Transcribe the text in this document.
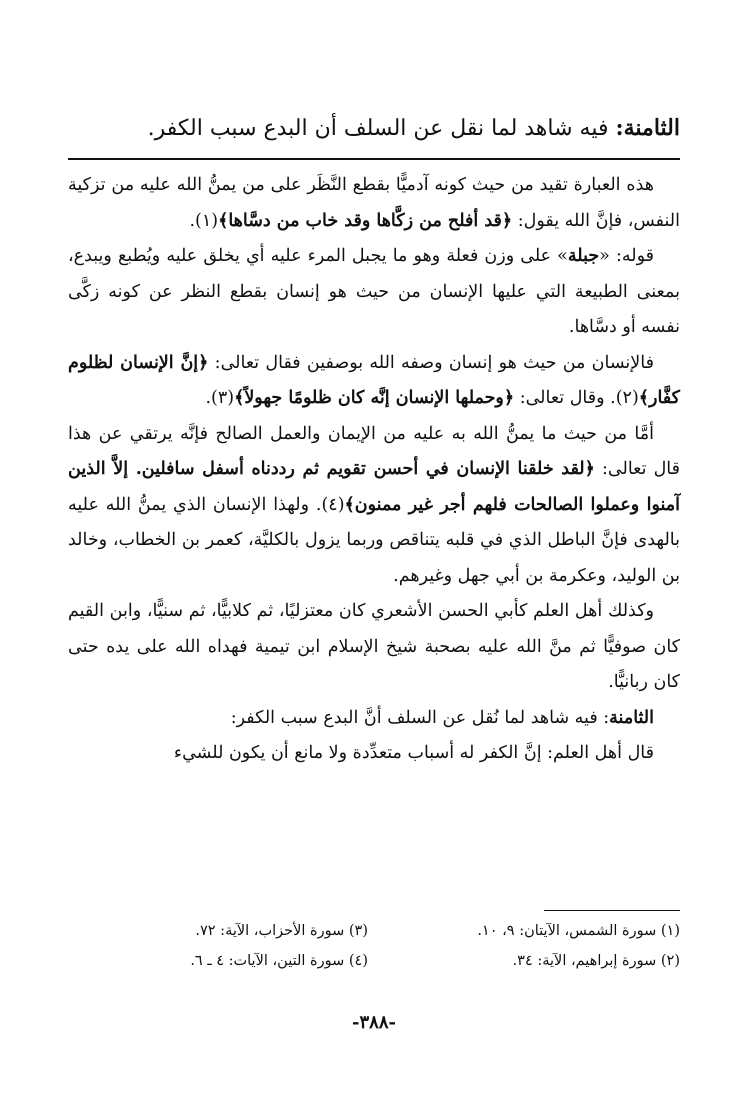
الثامنة: فيه شاهد لما نقل عن السلف أن البدع سبب الكفر.

هذه العبارة تقيد من حيث كونه آدميًّا بقطع النَّظَر على من يمنُّ الله عليه من تزكية النفس، فإنَّ الله يقول: ﴿قد أفلح من زكَّاها وقد خاب من دسَّاها﴾(١).

قوله: «جبلة» على وزن فعلة وهو ما يجبل المرء عليه أي يخلق عليه ويُطبع ويبدع، بمعنى الطبيعة التي عليها الإنسان من حيث هو إنسان بقطع النظر عن كونه زكَّى نفسه أو دسَّاها.

فالإنسان من حيث هو إنسان وصفه الله بوصفين فقال تعالى: ﴿إنَّ الإنسان لظلوم كفَّار﴾(٢). وقال تعالى: ﴿وحملها الإنسان إنَّه كان ظلومًا جهولاً﴾(٣).

أمَّا من حيث ما يمنُّ الله به عليه من الإيمان والعمل الصالح فإنَّه يرتقي عن هذا قال تعالى: ﴿لقد خلقنا الإنسان في أحسن تقويم ثم رددناه أسفل سافلين. إلاَّ الذين آمنوا وعملوا الصالحات فلهم أجر غير ممنون﴾(٤). ولهذا الإنسان الذي يمنُّ الله عليه بالهدى فإنَّ الباطل الذي في قلبه يتناقص وربما يزول بالكليَّة، كعمر بن الخطاب، وخالد بن الوليد، وعكرمة بن أبي جهل وغيرهم.

وكذلك أهل العلم كأبي الحسن الأشعري كان معتزليًا، ثم كلابيًّا، ثم سنيًّا، وابن القيم كان صوفيًّا ثم منَّ الله عليه بصحبة شيخ الإسلام ابن تيمية فهداه الله على يده حتى كان ربانيًّا.

الثامنة: فيه شاهد لما نُقل عن السلف أنَّ البدع سبب الكفر:

قال أهل العلم: إنَّ الكفر له أسباب متعدِّدة ولا مانع أن يكون للشيء

(١) سورة الشمس، الآيتان: ٩، ١٠.
(٣) سورة الأحزاب، الآية: ٧٢.
(٢) سورة إبراهيم، الآية: ٣٤.
(٤) سورة التين، الآيات: ٤ ـ ٦.
-٣٨٨-
